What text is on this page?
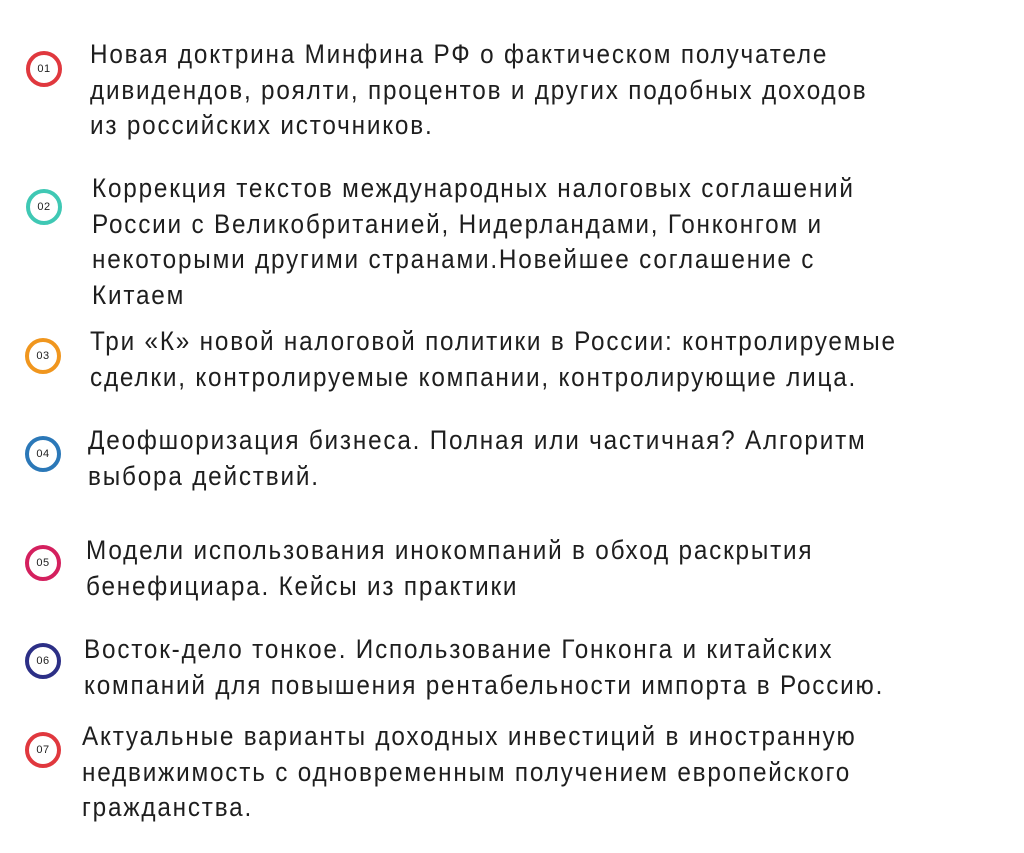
01 Новая доктрина Минфина РФ о фактическом получателе
дивидендов, роялти, процентов и других подобных доходов
из российских источников.

02

Коррекция текстов международных налоговых соглашений
России с Великобританией, Нидерландами, Гонконгом и
некоторыми другими странами.Новейшее соглашение с
Китаем

03 Три «К» новой налоговой политики в России: контролируемые
сделки, контролируемые компании, контролирующие лица.

04 Деофшоризация бизнеса. Полная или частичная? Алгоритм
выбора действий.

05 Модели использования инокомпаний в обход раскрытия
бенефициара. Кейсы из практики

06 Восток-дело тонкое. Использование Гонконга и китайских
компаний для повышения рентабельности импорта в Россию.

07 Актуальные варианты доходных инвестиций в иностранную
недвижимость с одновременным получением европейского
гражданства.
